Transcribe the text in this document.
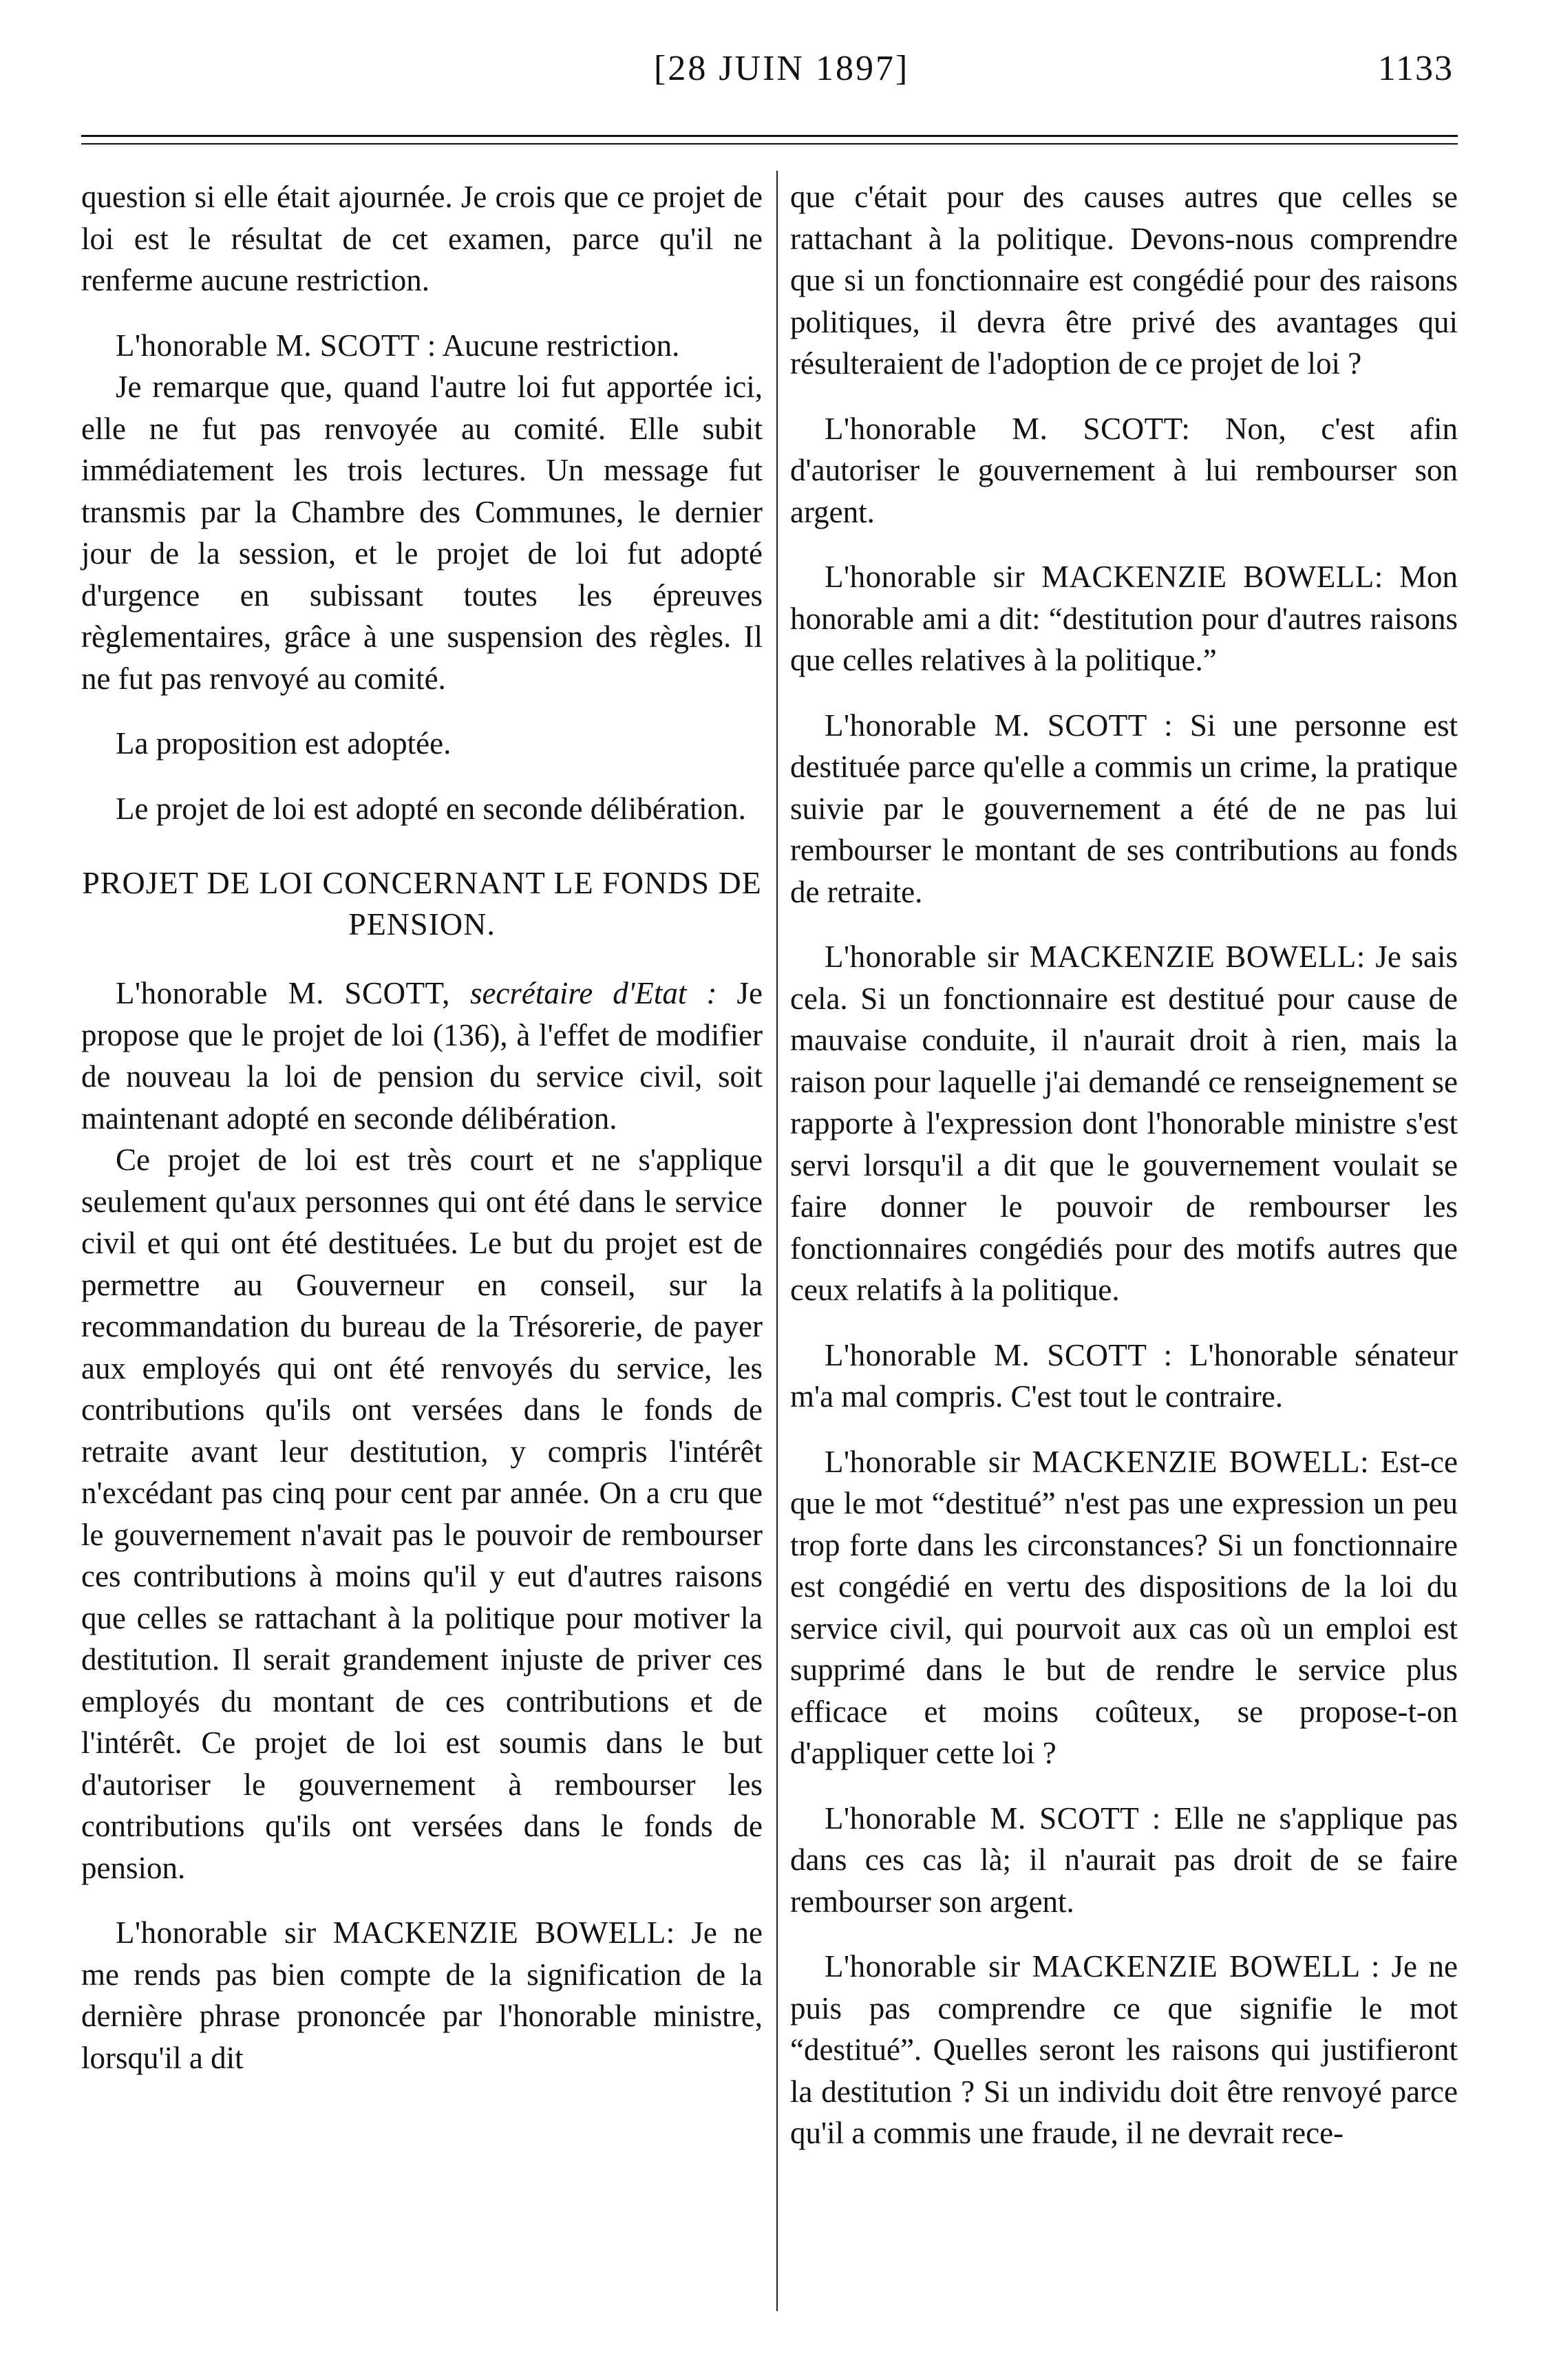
[28 JUIN 1897]	1133

question si elle était ajournée. Je crois que ce projet de loi est le résultat de cet examen, parce qu'il ne renferme aucune restriction.

L'honorable M. SCOTT : Aucune restriction.

Je remarque que, quand l'autre loi fut apportée ici, elle ne fut pas renvoyée au comité. Elle subit immédiatement les trois lectures. Un message fut transmis par la Chambre des Communes, le dernier jour de la session, et le projet de loi fut adopté d'urgence en subissant toutes les épreuves règlementaires, grâce à une suspension des règles. Il ne fut pas renvoyé au comité.

La proposition est adoptée.

Le projet de loi est adopté en seconde délibération.

PROJET DE LOI CONCERNANT LE FONDS DE PENSION.

L'honorable M. SCOTT, secrétaire d'Etat : Je propose que le projet de loi (136), à l'effet de modifier de nouveau la loi de pension du service civil, soit maintenant adopté en seconde délibération.

Ce projet de loi est très court et ne s'applique seulement qu'aux personnes qui ont été dans le service civil et qui ont été destituées. Le but du projet est de permettre au Gouverneur en conseil, sur la recommandation du bureau de la Trésorerie, de payer aux employés qui ont été renvoyés du service, les contributions qu'ils ont versées dans le fonds de retraite avant leur destitution, y compris l'intérêt n'excédant pas cinq pour cent par année. On a cru que le gouvernement n'avait pas le pouvoir de rembourser ces contributions à moins qu'il y eut d'autres raisons que celles se rattachant à la politique pour motiver la destitution. Il serait grandement injuste de priver ces employés du montant de ces contributions et de l'intérêt. Ce projet de loi est soumis dans le but d'autoriser le gouvernement à rembourser les contributions qu'ils ont versées dans le fonds de pension.

L'honorable sir MACKENZIE BOWELL: Je ne me rends pas bien compte de la signification de la dernière phrase prononcée par l'honorable ministre, lorsqu'il a dit

que c'était pour des causes autres que celles se rattachant à la politique. Devons-nous comprendre que si un fonctionnaire est congédié pour des raisons politiques, il devra être privé des avantages qui résulteraient de l'adoption de ce projet de loi ?

L'honorable M. SCOTT: Non, c'est afin d'autoriser le gouvernement à lui rembourser son argent.

L'honorable sir MACKENZIE BOWELL: Mon honorable ami a dit: “destitution pour d'autres raisons que celles relatives à la politique.”

L'honorable M. SCOTT : Si une personne est destituée parce qu'elle a commis un crime, la pratique suivie par le gouvernement a été de ne pas lui rembourser le montant de ses contributions au fonds de retraite.

L'honorable sir MACKENZIE BOWELL: Je sais cela. Si un fonctionnaire est destitué pour cause de mauvaise conduite, il n'aurait droit à rien, mais la raison pour laquelle j'ai demandé ce renseignement se rapporte à l'expression dont l'honorable ministre s'est servi lorsqu'il a dit que le gouvernement voulait se faire donner le pouvoir de rembourser les fonctionnaires congédiés pour des motifs autres que ceux relatifs à la politique.

L'honorable M. SCOTT : L'honorable sénateur m'a mal compris. C'est tout le contraire.

L'honorable sir MACKENZIE BOWELL: Est-ce que le mot “destitué” n'est pas une expression un peu trop forte dans les circonstances? Si un fonctionnaire est congédié en vertu des dispositions de la loi du service civil, qui pourvoit aux cas où un emploi est supprimé dans le but de rendre le service plus efficace et moins coûteux, se propose-t-on d'appliquer cette loi ?

L'honorable M. SCOTT : Elle ne s'applique pas dans ces cas là; il n'aurait pas droit de se faire rembourser son argent.

L'honorable sir MACKENZIE BOWELL : Je ne puis pas comprendre ce que signifie le mot “destitué”. Quelles seront les raisons qui justifieront la destitution ? Si un individu doit être renvoyé parce qu'il a commis une fraude, il ne devrait rece-
